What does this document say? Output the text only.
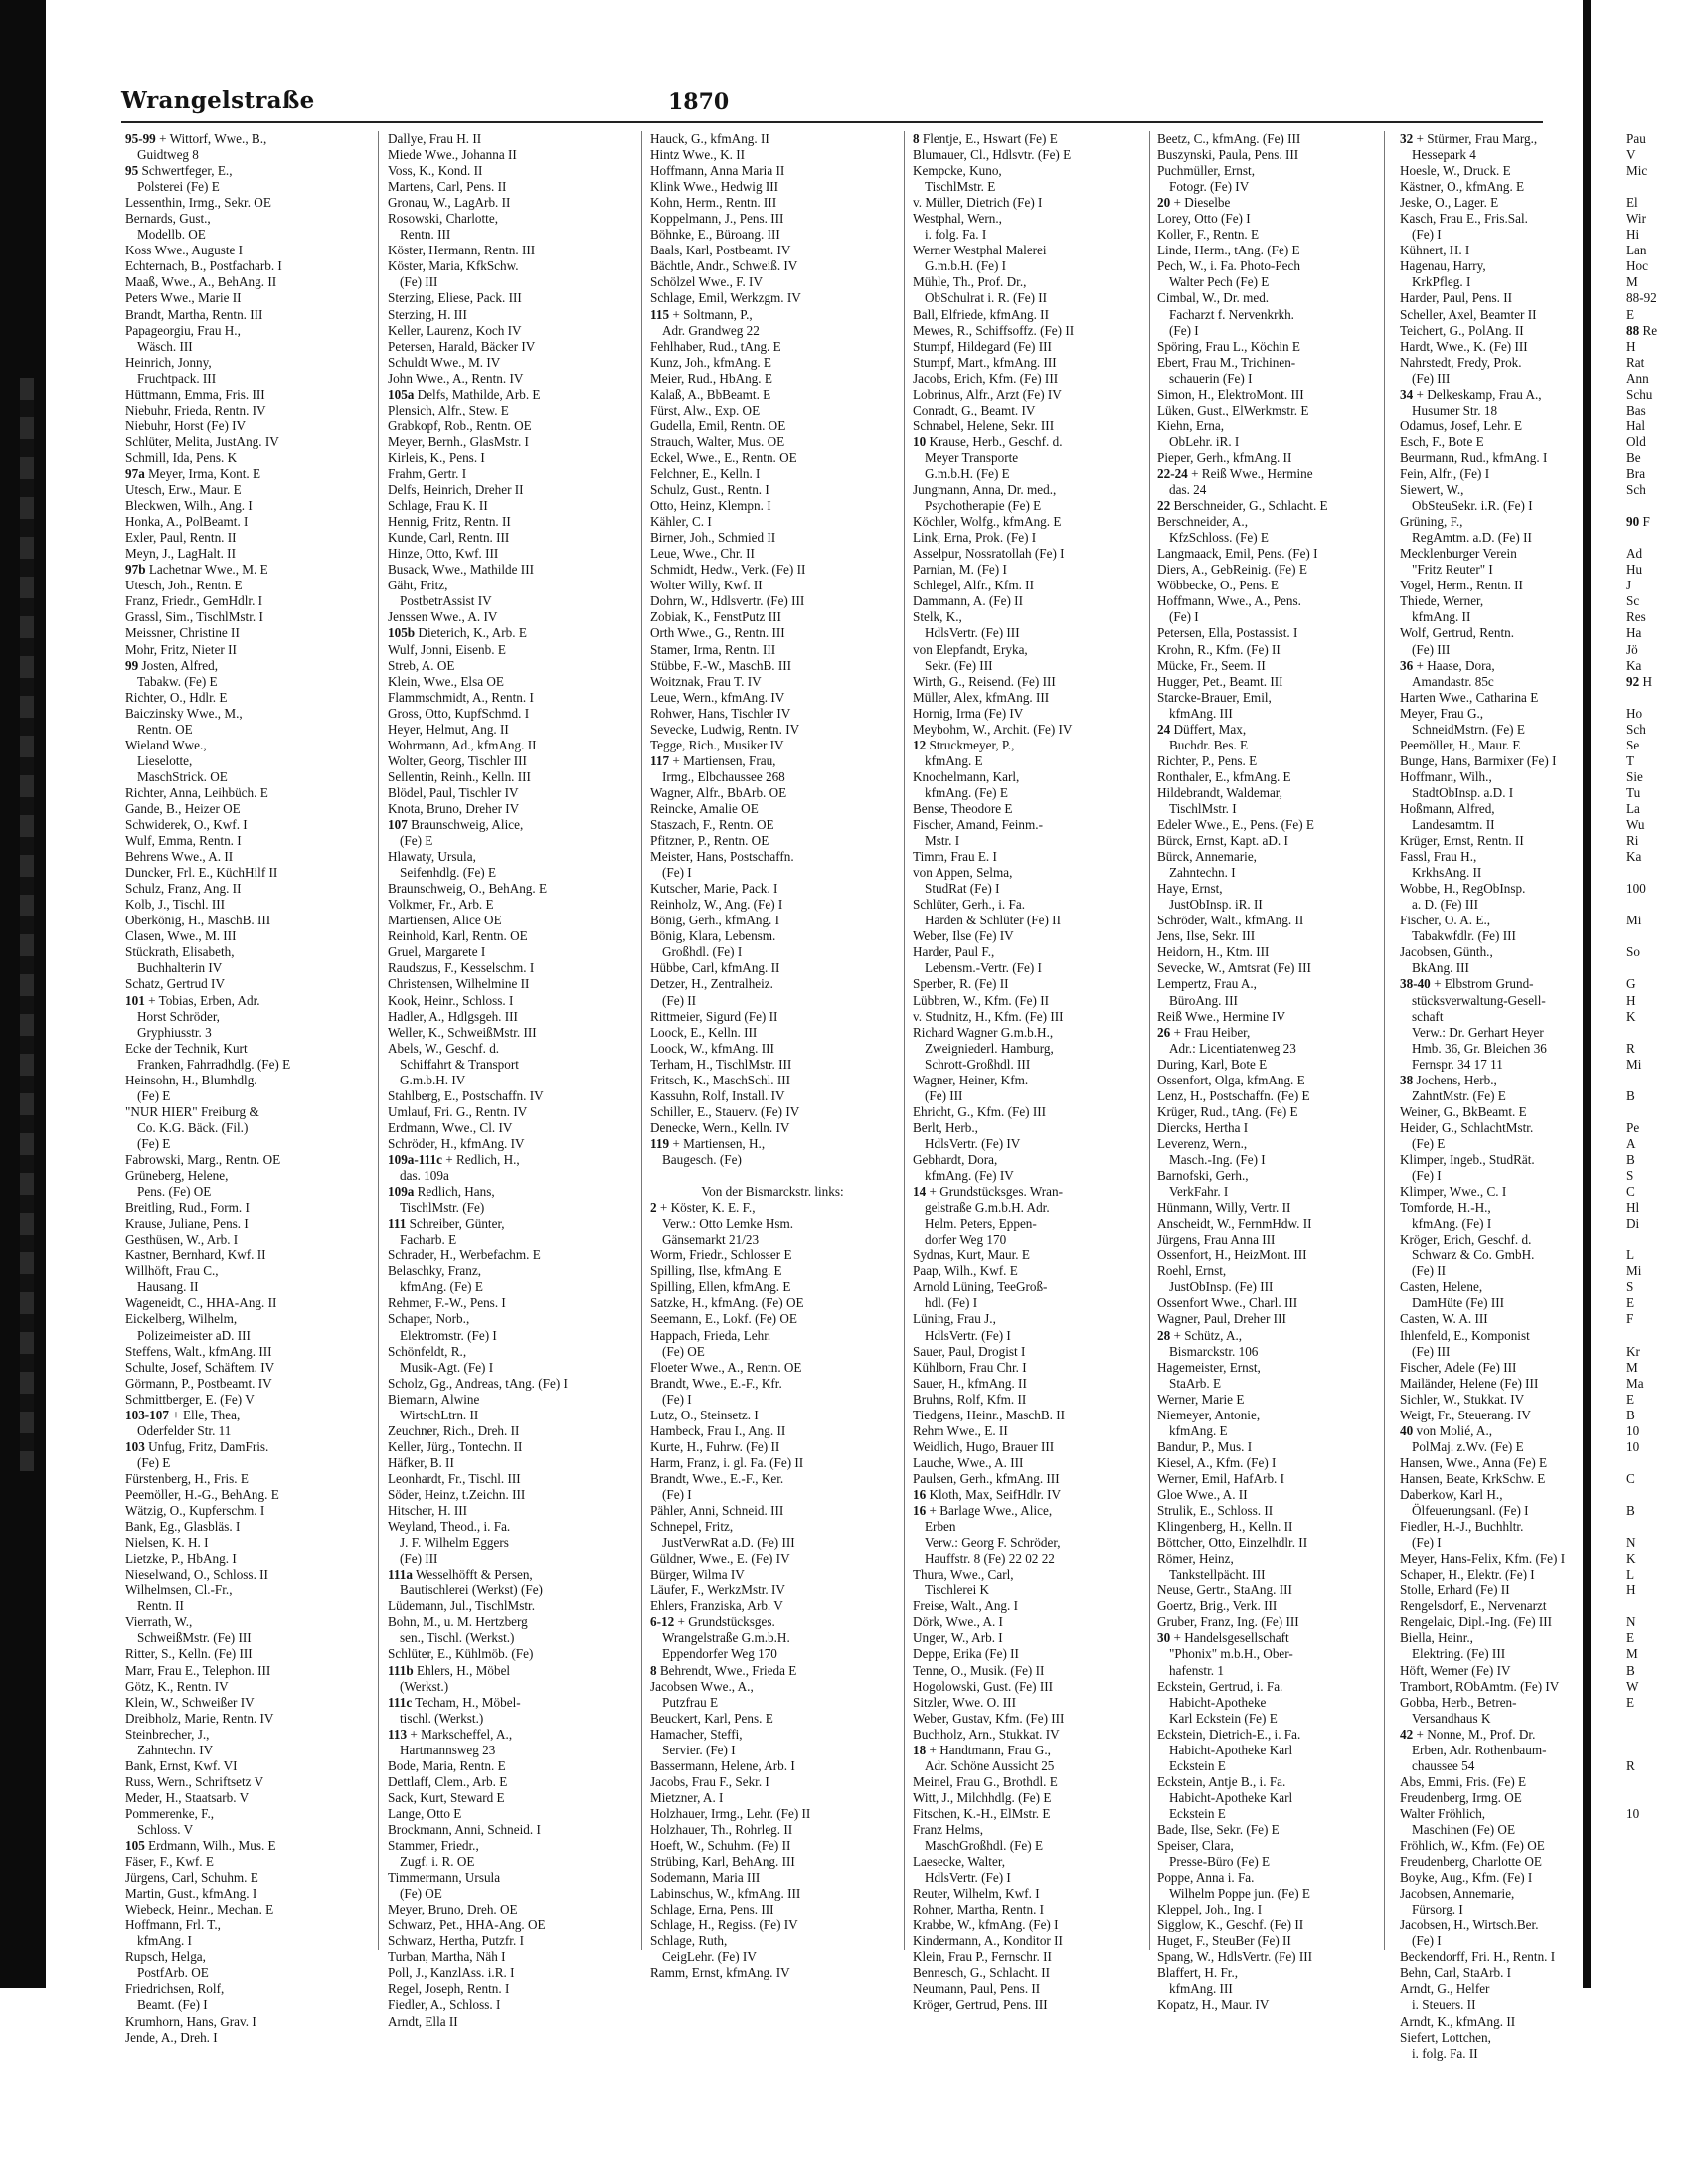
Wrangelstraße	1870
95-99 + Wittorf, Wwe., B.,
Guidtweg 8
95 Schwertfeger, E.,
Polsterei (Fe) E
Lessenthin, Irmg., Sekr. OE
Bernards, Gust.,
Modellb. OE
Koss Wwe., Auguste I
Echternach, B., Postfacharb. I
Maaß, Wwe., A., BehAng. II
Peters Wwe., Marie II
Brandt, Martha, Rentn. III
Papageorgiu, Frau H.,
Wäsch. III
Heinrich, Jonny,
Fruchtpack. III
Hüttmann, Emma, Fris. III
Niebuhr, Frieda, Rentn. IV
Niebuhr, Horst (Fe) IV
Schlüter, Melita, JustAng. IV
Schmill, Ida, Pens. K
97a Meyer, Irma, Kont. E
Utesch, Erw., Maur. E
Bleckwen, Wilh., Ang. I
Honka, A., PolBeamt. I
Exler, Paul, Rentn. II
Meyn, J., LagHalt. II
97b Lachetnar Wwe., M. E
Utesch, Joh., Rentn. E
Franz, Friedr., GemHdlr. I
Grassl, Sim., TischlMstr. I
Meissner, Christine II
Mohr, Fritz, Nieter II
99 Josten, Alfred,
Tabakw. (Fe) E
Richter, O., Hdlr. E
Baiczinsky Wwe., M.,
Rentn. OE
Wieland Wwe.,
Lieselotte,
MaschStrick. OE
Richter, Anna, Leihbüch. E
Gande, B., Heizer OE
Schwiderek, O., Kwf. I
Wulf, Emma, Rentn. I
Behrens Wwe., A. II
Duncker, Frl. E., KüchHilf II
Schulz, Franz, Ang. II
Kolb, J., Tischl. III
Oberkönig, H., MaschB. III
Clasen, Wwe., M. III
Stückrath, Elisabeth,
Buchhalterin IV
Schatz, Gertrud IV
101 + Tobias, Erben, Adr.
Horst Schröder,
Gryphiusstr. 3
Ecke der Technik, Kurt
Franken, Fahrradhdlg. (Fe) E
Heinsohn, H., Blumhdlg.
(Fe) E
"NUR HIER" Freiburg &
Co. K.G. Bäck. (Fil.)
(Fe) E
Fabrowski, Marg., Rentn. OE
Grüneberg, Helene,
Pens. (Fe) OE
Breitling, Rud., Form. I
Krause, Juliane, Pens. I
Gesthüsen, W., Arb. I
Kastner, Bernhard, Kwf. II
Willhöft, Frau C.,
Hausang. II
Wageneidt, C., HHA-Ang. II
Eickelberg, Wilhelm,
Polizeimeister aD. III
Steffens, Walt., kfmAng. III
Schulte, Josef, Schäftem. IV
Görmann, P., Postbeamt. IV
Schmittberger, E. (Fe) V
103-107 + Elle, Thea,
Oderfelder Str. 11
103 Unfug, Fritz, DamFris.
(Fe) E
Fürstenberg, H., Fris. E
Peemöller, H.-G., BehAng. E
Wätzig, O., Kupferschm. I
Bank, Eg., Glasbläs. I
Nielsen, K. H. I
Lietzke, P., HbAng. I
Nieselwand, O., Schloss. II
Wilhelmsen, Cl.-Fr.,
Rentn. II
Vierrath, W.,
SchweißMstr. (Fe) III
Ritter, S., Kelln. (Fe) III
Marr, Frau E., Telephon. III
Götz, K., Rentn. IV
Klein, W., Schweißer IV
Dreibholz, Marie, Rentn. IV
Steinbrecher, J.,
Zahntechn. IV
Bank, Ernst, Kwf. VI
Russ, Wern., Schriftsetz V
Meder, H., Staatsarb. V
Pommerenke, F.,
Schloss. V
105 Erdmann, Wilh., Mus. E
Fäser, F., Kwf. E
Jürgens, Carl, Schuhm. E
Martin, Gust., kfmAng. I
Wiebeck, Heinr., Mechan. E
Hoffmann, Frl. T.,
kfmAng. I
Rupsch, Helga,
PostfArb. OE
Friedrichsen, Rolf,
Beamt. (Fe) I
Krumhorn, Hans, Grav. I
Jende, A., Dreh. I
Dallye, Frau H. II
Miede Wwe., Johanna II
Voss, K., Kond. II
Martens, Carl, Pens. II
Gronau, W., LagArb. II
Rosowski, Charlotte,
Rentn. III
Köster, Hermann, Rentn. III
Köster, Maria, KfkSchw.
(Fe) III
Sterzing, Eliese, Pack. III
Sterzing, H. III
Keller, Laurenz, Koch IV
Petersen, Harald, Bäcker IV
Schuldt Wwe., M. IV
John Wwe., A., Rentn. IV
105a Delfs, Mathilde, Arb. E
Plensich, Alfr., Stew. E
Grabkopf, Rob., Rentn. OE
Meyer, Bernh., GlasMstr. I
Kirleis, K., Pens. I
Frahm, Gertr. I
Delfs, Heinrich, Dreher II
Schlage, Frau K. II
Hennig, Fritz, Rentn. II
Kunde, Carl, Rentn. III
Hinze, Otto, Kwf. III
Busack, Wwe., Mathilde III
Gäht, Fritz,
PostbetrAssist IV
Jenssen Wwe., A. IV
105b Dieterich, K., Arb. E
Wulf, Jonni, Eisenb. E
Streb, A. OE
Klein, Wwe., Elsa OE
Flammschmidt, A., Rentn. I
Gross, Otto, KupfSchmd. I
Heyer, Helmut, Ang. II
Wohrmann, Ad., kfmAng. II
Wolter, Georg, Tischler III
Sellentin, Reinh., Kelln. III
Blödel, Paul, Tischler IV
Knota, Bruno, Dreher IV
107 Braunschweig, Alice,
(Fe) E
Hlawaty, Ursula,
Seifenhdlg. (Fe) E
Braunschweig, O., BehAng. E
Volkmer, Fr., Arb. E
Martiensen, Alice OE
Reinhold, Karl, Rentn. OE
Gruel, Margarete I
Raudszus, F., Kesselschm. I
Christensen, Wilhelmine II
Kook, Heinr., Schloss. I
Hadler, A., Hdlgsgeh. III
Weller, K., SchweißMstr. III
Abels, W., Geschf. d.
Schiffahrt & Transport
G.m.b.H. IV
Stahlberg, E., Postschaffn. IV
Umlauf, Fri. G., Rentn. IV
Erdmann, Wwe., Cl. IV
Schröder, H., kfmAng. IV
109a-111c + Redlich, H.,
das. 109a
109a Redlich, Hans,
TischlMstr. (Fe)
111 Schreiber, Günter,
Facharb. E
Schrader, H., Werbefachm. E
Belaschky, Franz,
kfmAng. (Fe) E
Rehmer, F.-W., Pens. I
Schaper, Norb.,
Elektromstr. (Fe) I
Schönfeldt, R.,
Musik-Agt. (Fe) I
Scholz, Gg., Andreas, tAng. (Fe) I
Biemann, Alwine
WirtschLtrn. II
Zeuchner, Rich., Dreh. II
Keller, Jürg., Tontechn. II
Häfker, B. II
Leonhardt, Fr., Tischl. III
Söder, Heinz, t.Zeichn. III
Hitscher, H. III
Weyland, Theod., i. Fa.
J. F. Wilhelm Eggers
(Fe) III
111a Wesselhöfft & Persen,
Bautischlerei (Werkst) (Fe)
Lüdemann, Jul., TischlMstr.
Bohn, M., u. M. Hertzberg
sen., Tischl. (Werkst.)
Schlüter, E., Kühlmöb. (Fe)
111b Ehlers, H., Möbel
(Werkst.)
111c Techam, H., Möbel-
tischl. (Werkst.)
113 + Markscheffel, A.,
Hartmannsweg 23
Bode, Maria, Rentn. E
Dettlaff, Clem., Arb. E
Sack, Kurt, Steward E
Lange, Otto E
Brockmann, Anni, Schneid. I
Stammer, Friedr.,
Zugf. i. R. OE
Timmermann, Ursula
(Fe) OE
Meyer, Bruno, Dreh. OE
Schwarz, Pet., HHA-Ang. OE
Schwarz, Hertha, Putzfr. I
Turban, Martha, Näh I
Poll, J., KanzlAss. i.R. I
Regel, Joseph, Rentn. I
Fiedler, A., Schloss. I
Arndt, Ella II
Hauck, G., kfmAng. II
Hintz Wwe., K. II
Hoffmann, Anna Maria II
Klink Wwe., Hedwig III
Kohn, Herm., Rentn. III
Koppelmann, J., Pens. III
Böhnke, E., Büroang. III
Baals, Karl, Postbeamt. IV
Bächtle, Andr., Schweiß. IV
Schölzel Wwe., F. IV
Schlage, Emil, Werkzgm. IV
115 + Soltmann, P.,
Adr. Grandweg 22
Fehlhaber, Rud., tAng. E
Kunz, Joh., kfmAng. E
Meier, Rud., HbAng. E
Kalaß, A., BbBeamt. E
Fürst, Alw., Exp. OE
Gudella, Emil, Rentn. OE
Strauch, Walter, Mus. OE
Eckel, Wwe., E., Rentn. OE
Felchner, E., Kelln. I
Schulz, Gust., Rentn. I
Otto, Heinz, Klempn. I
Kähler, C. I
Birner, Joh., Schmied II
Leue, Wwe., Chr. II
Schmidt, Hedw., Verk. (Fe) II
Wolter Willy, Kwf. II
Dohrn, W., Hdlsvertr. (Fe) III
Zobiak, K., FenstPutz III
Orth Wwe., G., Rentn. III
Stamer, Irma, Rentn. III
Stübbe, F.-W., MaschB. III
Woitznak, Frau T. IV
Leue, Wern., kfmAng. IV
Rohwer, Hans, Tischler IV
Sevecke, Ludwig, Rentn. IV
Tegge, Rich., Musiker IV
117 + Martiensen, Frau,
Irmg., Elbchaussee 268
Wagner, Alfr., BbArb. OE
Reincke, Amalie OE
Staszach, F., Rentn. OE
Pfitzner, P., Rentn. OE
Meister, Hans, Postschaffn.
(Fe) I
Kutscher, Marie, Pack. I
Reinholz, W., Ang. (Fe) I
Bönig, Gerh., kfmAng. I
Bönig, Klara, Lebensm.
Großhdl. (Fe) I
Hübbe, Carl, kfmAng. II
Detzer, H., Zentralheiz.
(Fe) II
Rittmeier, Sigurd (Fe) II
Loock, E., Kelln. III
Loock, W., kfmAng. III
Terham, H., TischlMstr. III
Fritsch, K., MaschSchl. III
Kassuhn, Rolf, Install. IV
Schiller, E., Stauerv. (Fe) IV
Denecke, Wern., Kelln. IV
119 + Martiensen, H.,
Baugesch. (Fe)

Von der Bismarckstr. links:
2 + Köster, K. E. F.,
Verw.: Otto Lemke Hsm.
Gänsemarkt 21/23
Worm, Friedr., Schlosser E
Spilling, Ilse, kfmAng. E
Spilling, Ellen, kfmAng. E
Satzke, H., kfmAng. (Fe) OE
Seemann, E., Lokf. (Fe) OE
Happach, Frieda, Lehr.
(Fe) OE
Floeter Wwe., A., Rentn. OE
Brandt, Wwe., E.-F., Kfr.
(Fe) I
Lutz, O., Steinsetz. I
Hambeck, Frau I., Ang. II
Kurte, H., Fuhrw. (Fe) II
Harm, Franz, i. gl. Fa. (Fe) II
Brandt, Wwe., E.-F., Ker.
(Fe) I
Pähler, Anni, Schneid. III
Schnepel, Fritz,
JustVerwRat a.D. (Fe) III
Güldner, Wwe., E. (Fe) IV
Bürger, Wilma IV
Läufer, F., WerkzMstr. IV
Ehlers, Franziska, Arb. V
6-12 + Grundstücksges.
Wrangelstraße G.m.b.H.
Eppendorfer Weg 170
8 Behrendt, Wwe., Frieda E
Jacobsen Wwe., A.,
Putzfrau E
Beuckert, Karl, Pens. E
Hamacher, Steffi,
Servier. (Fe) I
Bassermann, Helene, Arb. I
Jacobs, Frau F., Sekr. I
Mietzner, A. I
Holzhauer, Irmg., Lehr. (Fe) II
Holzhauer, Th., Rohrleg. II
Hoeft, W., Schuhm. (Fe) II
Strübing, Karl, BehAng. III
Sodemann, Maria III
Labinschus, W., kfmAng. III
Schlage, Erna, Pens. III
Schlage, H., Regiss. (Fe) IV
Schlage, Ruth,
CeigLehr. (Fe) IV
Ramm, Ernst, kfmAng. IV
8 Flentje, E., Hswart (Fe) E
Blumauer, Cl., Hdlsvtr. (Fe) E
Kempcke, Kuno,
TischlMstr. E
v. Müller, Dietrich (Fe) I
Westphal, Wern.,
i. folg. Fa. I
Werner Westphal Malerei
G.m.b.H. (Fe) I
Mühle, Th., Prof. Dr.,
ObSchulrat i. R. (Fe) II
Ball, Elfriede, kfmAng. II
Mewes, R., Schiffsoffz. (Fe) II
Stumpf, Hildegard (Fe) III
Stumpf, Mart., kfmAng. III
Jacobs, Erich, Kfm. (Fe) III
Lobrinus, Alfr., Arzt (Fe) IV
Conradt, G., Beamt. IV
Schnabel, Helene, Sekr. III
10 Krause, Herb., Geschf. d.
Meyer Transporte
G.m.b.H. (Fe) E
Jungmann, Anna, Dr. med.,
Psychotherapie (Fe) E
Köchler, Wolfg., kfmAng. E
Link, Erna, Prok. (Fe) I
Asselpur, Nossratollah (Fe) I
Parnian, M. (Fe) I
Schlegel, Alfr., Kfm. II
Dammann, A. (Fe) II
Stelk, K.,
HdlsVertr. (Fe) III
von Elepfandt, Eryka,
Sekr. (Fe) III
Wirth, G., Reisend. (Fe) III
Müller, Alex, kfmAng. III
Hornig, Irma (Fe) IV
Meybohm, W., Archit. (Fe) IV
12 Struckmeyer, P.,
kfmAng. E
Knochelmann, Karl,
kfmAng. (Fe) E
Bense, Theodore E
Fischer, Amand, Feinm.-
Mstr. I
Timm, Frau E. I
von Appen, Selma,
StudRat (Fe) I
Schlüter, Gerh., i. Fa.
Harden & Schlüter (Fe) II
Weber, Ilse (Fe) IV
Harder, Paul F.,
Lebensm.-Vertr. (Fe) I
Sperber, R. (Fe) II
Lübbren, W., Kfm. (Fe) II
v. Studnitz, H., Kfm. (Fe) III
Richard Wagner G.m.b.H.,
Zweigniederl. Hamburg,
Schrott-Großhdl. III
Wagner, Heiner, Kfm.
(Fe) III
Ehricht, G., Kfm. (Fe) III
Berlt, Herb.,
HdlsVertr. (Fe) IV
Gebhardt, Dora,
kfmAng. (Fe) IV
14 + Grundstücksges. Wran-
gelstraße G.m.b.H. Adr.
Helm. Peters, Eppen-
dorfer Weg 170
Sydnas, Kurt, Maur. E
Paap, Wilh., Kwf. E
Arnold Lüning, TeeGroß-
hdl. (Fe) I
Lüning, Frau J.,
HdlsVertr. (Fe) I
Sauer, Paul, Drogist I
Kühlborn, Frau Chr. I
Sauer, H., kfmAng. II
Bruhns, Rolf, Kfm. II
Tiedgens, Heinr., MaschB. II
Rehm Wwe., E. II
Weidlich, Hugo, Brauer III
Lauche, Wwe., A. III
Paulsen, Gerh., kfmAng. III
16 Kloth, Max, SeifHdlr. IV
16 + Barlage Wwe., Alice,
Erben
Verw.: Georg F. Schröder,
Hauffstr. 8 (Fe) 22 02 22
Thura, Wwe., Carl,
Tischlerei K
Freise, Walt., Ang. I
Dörk, Wwe., A. I
Unger, W., Arb. I
Deppe, Erika (Fe) II
Tenne, O., Musik. (Fe) II
Hogolowski, Gust. (Fe) III
Sitzler, Wwe. O. III
Weber, Gustav, Kfm. (Fe) III
Buchholz, Arn., Stukkat. IV
18 + Handtmann, Frau G.,
Adr. Schöne Aussicht 25
Meinel, Frau G., Brothdl. E
Witt, J., Milchhdlg. (Fe) E
Fitschen, K.-H., ElMstr. E
Franz Helms,
MaschGroßhdl. (Fe) E
Laesecke, Walter,
HdlsVertr. (Fe) I
Reuter, Wilhelm, Kwf. I
Rohner, Martha, Rentn. I
Krabbe, W., kfmAng. (Fe) I
Kindermann, A., Konditor II
Klein, Frau P., Fernschr. II
Bennesch, G., Schlacht. II
Neumann, Paul, Pens. II
Kröger, Gertrud, Pens. III
Beetz, C., kfmAng. (Fe) III
Buszynski, Paula, Pens. III
Puchmüller, Ernst,
Fotogr. (Fe) IV
20 + Dieselbe
Lorey, Otto (Fe) I
Koller, F., Rentn. E
Linde, Herm., tAng. (Fe) E
Pech, W., i. Fa. Photo-Pech
Walter Pech (Fe) E
Cimbal, W., Dr. med.
Facharzt f. Nervenkrkh.
(Fe) I
Spöring, Frau L., Köchin E
Ebert, Frau M., Trichinen-
schauerin (Fe) I
Simon, H., ElektroMont. III
Lüken, Gust., ElWerkmstr. E
Kiehn, Erna,
ObLehr. iR. I
Pieper, Gerh., kfmAng. II
22-24 + Reiß Wwe., Hermine
das. 24
22 Berschneider, G., Schlacht. E
Berschneider, A.,
KfzSchloss. (Fe) E
Langmaack, Emil, Pens. (Fe) I
Diers, A., GebReinig. (Fe) E
Wöbbecke, O., Pens. E
Hoffmann, Wwe., A., Pens.
(Fe) I
Petersen, Ella, Postassist. I
Krohn, R., Kfm. (Fe) II
Mücke, Fr., Seem. II
Hugger, Pet., Beamt. III
Starcke-Brauer, Emil,
kfmAng. III
24 Düffert, Max,
Buchdr. Bes. E
Richter, P., Pens. E
Ronthaler, E., kfmAng. E
Hildebrandt, Waldemar,
TischlMstr. I
Edeler Wwe., E., Pens. (Fe) E
Bürck, Ernst, Kapt. aD. I
Bürck, Annemarie,
Zahntechn. I
Haye, Ernst,
JustObInsp. iR. II
Schröder, Walt., kfmAng. II
Jens, Ilse, Sekr. III
Heidorn, H., Ktm. III
Sevecke, W., Amtsrat (Fe) III
Lempertz, Frau A.,
BüroAng. III
Reiß Wwe., Hermine IV
26 + Frau Heiber,
Adr.: Licentiatenweg 23
During, Karl, Bote E
Ossenfort, Olga, kfmAng. E
Lenz, H., Postschaffn. (Fe) E
Krüger, Rud., tAng. (Fe) E
Diercks, Hertha I
Leverenz, Wern.,
Masch.-Ing. (Fe) I
Barnofski, Gerh.,
VerkFahr. I
Hünmann, Willy, Vertr. II
Anscheidt, W., FernmHdw. II
Jürgens, Frau Anna III
Ossenfort, H., HeizMont. III
Roehl, Ernst,
JustObInsp. (Fe) III
Ossenfort Wwe., Charl. III
Wagner, Paul, Dreher III
28 + Schütz, A.,
Bismarckstr. 106
Hagemeister, Ernst,
StaArb. E
Werner, Marie E
Niemeyer, Antonie,
kfmAng. E
Bandur, P., Mus. I
Kiesel, A., Kfm. (Fe) I
Werner, Emil, HafArb. I
Gloe Wwe., A. II
Strulik, E., Schloss. II
Klingenberg, H., Kelln. II
Böttcher, Otto, Einzelhdlr. II
Römer, Heinz,
Tankstellpächt. III
Neuse, Gertr., StaAng. III
Goertz, Brig., Verk. III
Gruber, Franz, Ing. (Fe) III
30 + Handelsgesellschaft
"Phonix" m.b.H., Ober-
hafenstr. 1
Eckstein, Gertrud, i. Fa.
Habicht-Apotheke
Karl Eckstein (Fe) E
Eckstein, Dietrich-E., i. Fa.
Habicht-Apotheke Karl
Eckstein E
Eckstein, Antje B., i. Fa.
Habicht-Apotheke Karl
Eckstein E
Bade, Ilse, Sekr. (Fe) E
Speiser, Clara,
Presse-Büro (Fe) E
Poppe, Anna i. Fa.
Wilhelm Poppe jun. (Fe) E
Kleppel, Joh., Ing. I
Sigglow, K., Geschf. (Fe) II
Huget, F., SteuBer (Fe) II
Spang, W., HdlsVertr. (Fe) III
Blaffert, H. Fr.,
kfmAng. III
Kopatz, H., Maur. IV
32 + Stürmer, Frau Marg.,
Hessepark 4
Hoesle, W., Druck. E
Kästner, O., kfmAng. E
Jeske, O., Lager. E
Kasch, Frau E., Fris.Sal.
(Fe) I
Kühnert, H. I
Hagenau, Harry,
KrkPfleg. I
Harder, Paul, Pens. II
Scheller, Axel, Beamter II
Teichert, G., PolAng. II
Hardt, Wwe., K. (Fe) III
Nahrstedt, Fredy, Prok.
(Fe) III
34 + Delkeskamp, Frau A.,
Husumer Str. 18
Odamus, Josef, Lehr. E
Esch, F., Bote E
Beurmann, Rud., kfmAng. I
Fein, Alfr., (Fe) I
Siewert, W.,
ObSteuSekr. i.R. (Fe) I
Grüning, F.,
RegAmtm. a.D. (Fe) II
Mecklenburger Verein
"Fritz Reuter" I
Vogel, Herm., Rentn. II
Thiede, Werner,
kfmAng. II
Wolf, Gertrud, Rentn.
(Fe) III
36 + Haase, Dora,
Amandastr. 85c
Harten Wwe., Catharina E
Meyer, Frau G.,
SchneidMstrn. (Fe) E
Peemöller, H., Maur. E
Bunge, Hans, Barmixer (Fe) I
Hoffmann, Wilh.,
StadtObInsp. a.D. I
Hoßmann, Alfred,
Landesamtm. II
Krüger, Ernst, Rentn. II
Fassl, Frau H.,
KrkhsAng. II
Wobbe, H., RegObInsp.
a. D. (Fe) III
Fischer, O. A. E.,
Tabakwfdlr. (Fe) III
Jacobsen, Günth.,
BkAng. III
38-40 + Elbstrom Grund-
stücksverwaltung-Gesell-
schaft
Verw.: Dr. Gerhart Heyer
Hmb. 36, Gr. Bleichen 36
Fernspr. 34 17 11
38 Jochens, Herb.,
ZahntMstr. (Fe) E
Weiner, G., BkBeamt. E
Heider, G., SchlachtMstr.
(Fe) E
Klimper, Ingeb., StudRät.
(Fe) I
Klimper, Wwe., C. I
Tomforde, H.-H.,
kfmAng. (Fe) I
Kröger, Erich, Geschf. d.
Schwarz & Co. GmbH.
(Fe) II
Casten, Helene,
DamHüte (Fe) III
Casten, W. A. III
Ihlenfeld, E., Komponist
(Fe) III
Fischer, Adele (Fe) III
Mailänder, Helene (Fe) III
Sichler, W., Stukkat. IV
Weigt, Fr., Steuerang. IV
40 von Molié, A.,
PolMaj. z.Wv. (Fe) E
Hansen, Wwe., Anna (Fe) E
Hansen, Beate, KrkSchw. E
Daberkow, Karl H.,
Ölfeuerungsanl. (Fe) I
Fiedler, H.-J., Buchhltr.
(Fe) I
Meyer, Hans-Felix, Kfm. (Fe) I
Schaper, H., Elektr. (Fe) I
Stolle, Erhard (Fe) II
Rengelsdorf, E., Nervenarzt
Rengelaic, Dipl.-Ing. (Fe) III
Biella, Heinr.,
Elektring. (Fe) III
Höft, Werner (Fe) IV
Trambort, RObAmtm. (Fe) IV
Gobba, Herb., Betren-
Versandhaus K
42 + Nonne, M., Prof. Dr.
Erben, Adr. Rothenbaum-
chaussee 54
Abs, Emmi, Fris. (Fe) E
Freudenberg, Irmg. OE
Walter Fröhlich,
Maschinen (Fe) OE
Fröhlich, W., Kfm. (Fe) OE
Freudenberg, Charlotte OE
Boyke, Aug., Kfm. (Fe) I
Jacobsen, Annemarie,
Fürsorg. I
Jacobsen, H., Wirtsch.Ber.
(Fe) I
Beckendorff, Fri. H., Rentn. I
Behn, Carl, StaArb. I
Arndt, G., Helfer
i. Steuers. II
Arndt, K., kfmAng. II
Siefert, Lottchen,
i. folg. Fa. II
Pau
V
Mic

El
Wir
Hi
Lan
Hoc
M
88-92
E
88 Re
H
Rat
Ann
Schu
Bas
Hal
Old
Be
Bra
Sch

90 F

Ad
Hu
J
Sc
Res
Ha
Jö
Ka
92 H

Ho
Sch
Se
T
Sie
Tu
La
Wu
Ri
Ka

100

Mi

So

G
H
K

R
Mi

B

Pe
A
B
S
C
Hl
Di

L
Mi
S
E
F

Kr
M
Ma
E
B
10
10

C

B

N
K
L
H

N
E
M
B
W
E

R

10
